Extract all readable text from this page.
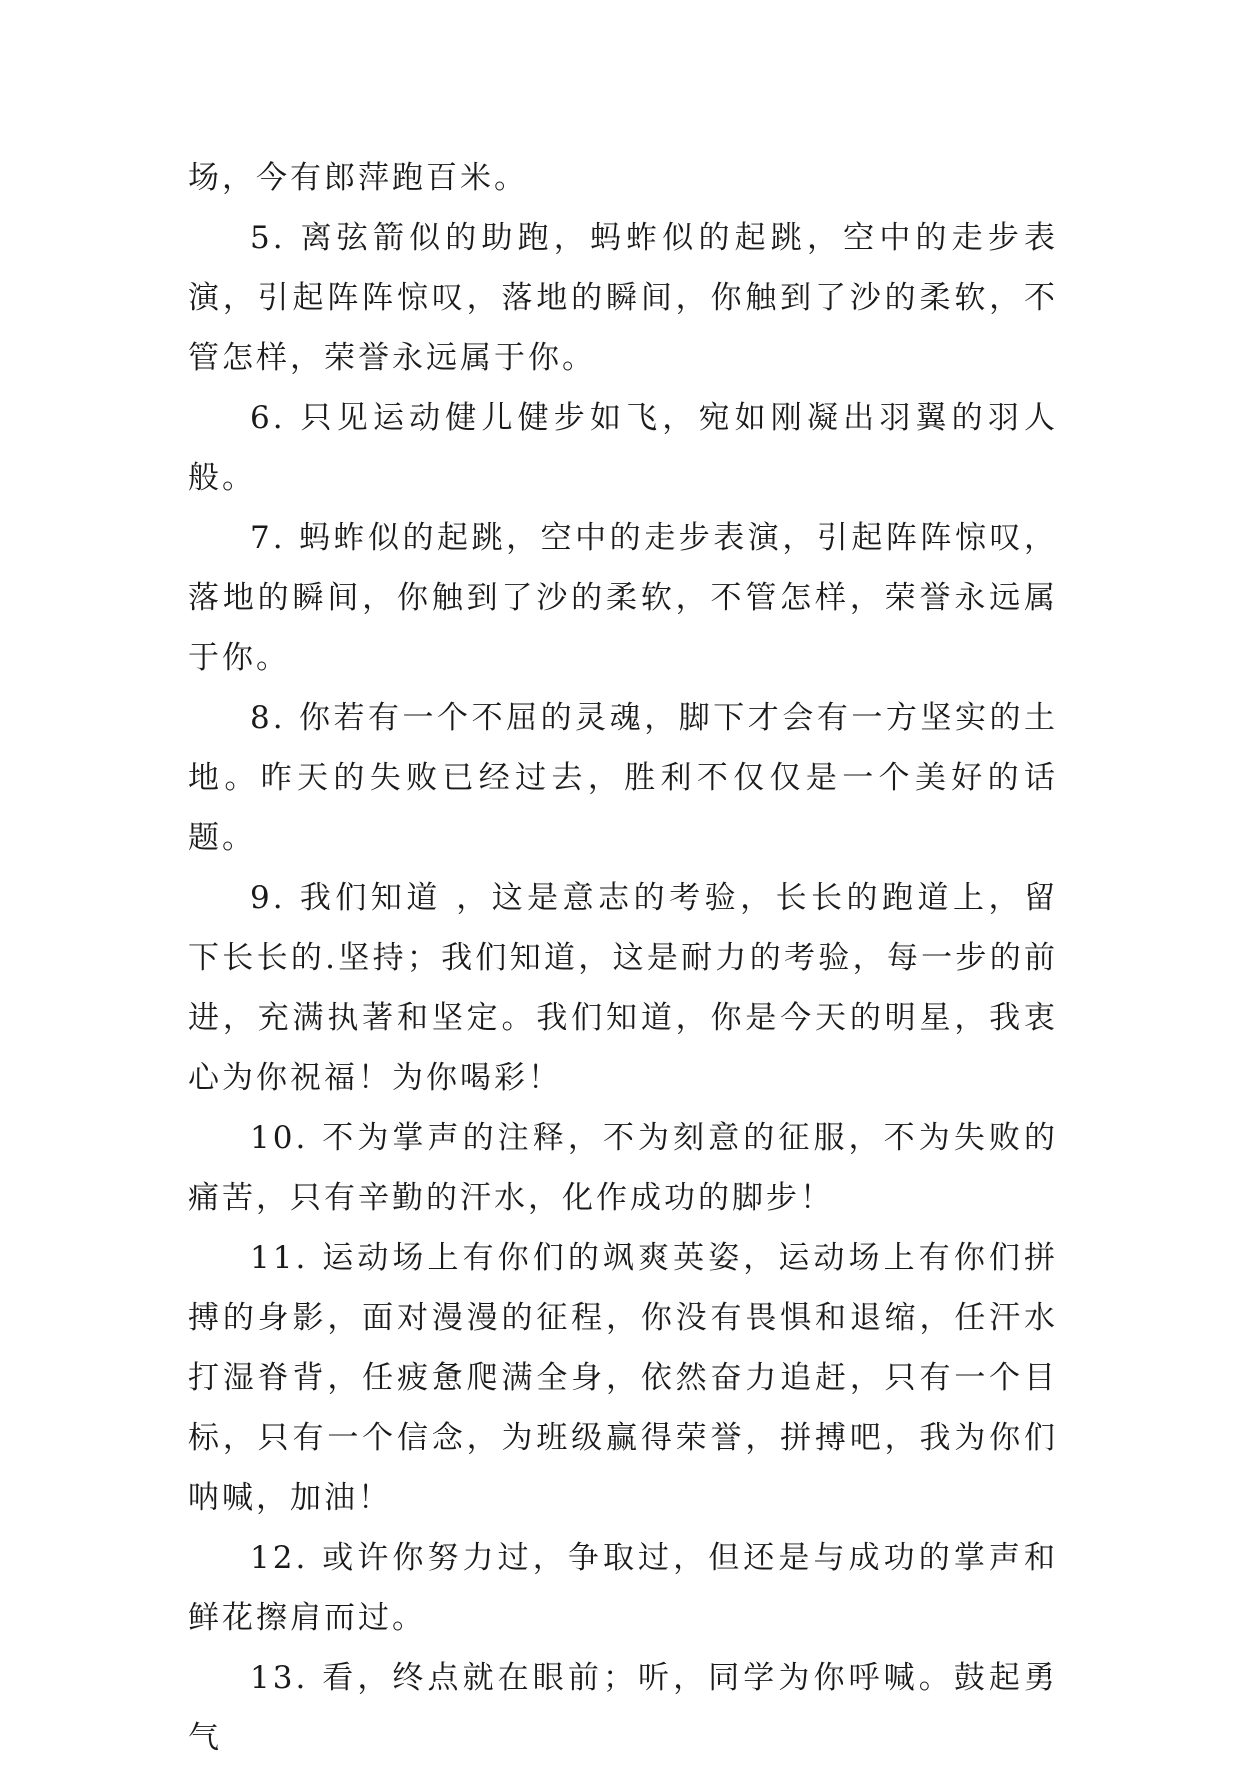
场，今有郎萍跑百米。

5. 离弦箭似的助跑，蚂蚱似的起跳，空中的走步表演，引起阵阵惊叹，落地的瞬间，你触到了沙的柔软，不管怎样，荣誉永远属于你。

6. 只见运动健儿健步如飞，宛如刚凝出羽翼的羽人般。

7. 蚂蚱似的起跳，空中的走步表演，引起阵阵惊叹，落地的瞬间，你触到了沙的柔软，不管怎样，荣誉永远属于你。

8. 你若有一个不屈的灵魂，脚下才会有一方坚实的土地。昨天的失败已经过去，胜利不仅仅是一个美好的话题。

9. 我们知道 ，这是意志的考验，长长的跑道上，留下长长的.坚持；我们知道，这是耐力的考验，每一步的前进，充满执著和坚定。我们知道，你是今天的明星，我衷心为你祝福！为你喝彩！

10. 不为掌声的注释，不为刻意的征服，不为失败的痛苦，只有辛勤的汗水，化作成功的脚步！

11. 运动场上有你们的飒爽英姿，运动场上有你们拼搏的身影，面对漫漫的征程，你没有畏惧和退缩，任汗水打湿脊背，任疲惫爬满全身，依然奋力追赶，只有一个目标，只有一个信念，为班级赢得荣誉，拼搏吧，我为你们呐喊，加油！

12. 或许你努力过，争取过，但还是与成功的掌声和鲜花擦肩而过。

13. 看，终点就在眼前；听，同学为你呼喊。鼓起勇气
